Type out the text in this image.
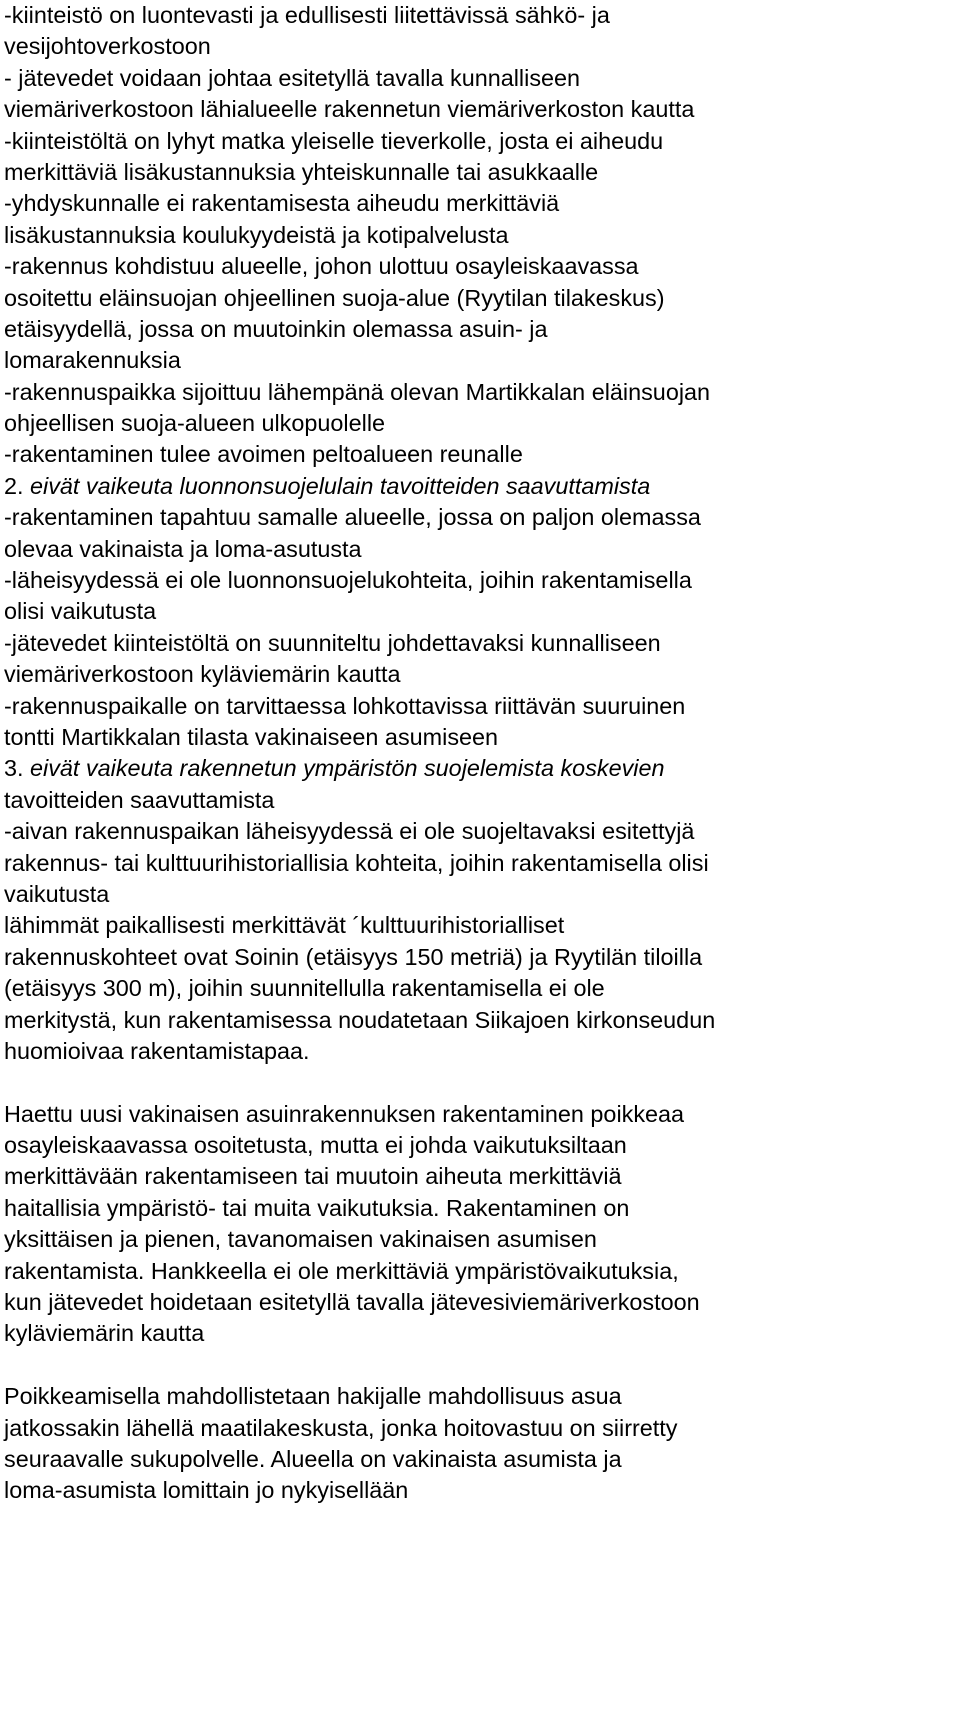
-kiinteistö on luontevasti ja edullisesti liitettävissä sähkö- ja
vesijohtoverkostoon
- jätevedet voidaan johtaa esitetyllä tavalla kunnalliseen
viemäriverkostoon lähialueelle rakennetun viemäriverkoston kautta
-kiinteistöltä on lyhyt matka yleiselle tieverkolle, josta ei aiheudu
merkittäviä lisäkustannuksia yhteiskunnalle tai asukkaalle
-yhdyskunnalle ei rakentamisesta aiheudu merkittäviä
lisäkustannuksia koulukyydeistä ja kotipalvelusta
-rakennus kohdistuu alueelle, johon ulottuu osayleiskaavassa
osoitettu eläinsuojan ohjeellinen suoja-alue (Ryytilan tilakeskus)
etäisyydellä, jossa on muutoinkin olemassa asuin- ja
lomarakennuksia
-rakennuspaikka sijoittuu lähempänä olevan Martikkalan eläinsuojan
ohjeellisen suoja-alueen ulkopuolelle
-rakentaminen tulee avoimen peltoalueen reunalle
2. eivät vaikeuta luonnonsuojelulain tavoitteiden saavuttamista
-rakentaminen tapahtuu samalle alueelle, jossa on paljon olemassa
olevaa vakinaista ja loma-asutusta
-läheisyydessä ei ole luonnonsuojelukohteita, joihin rakentamisella
olisi vaikutusta
-jätevedet kiinteistöltä on suunniteltu johdettavaksi kunnalliseen
viemäriverkostoon kyläviemärin kautta
-rakennuspaikalle on tarvittaessa lohkottavissa riittävän suuruinen
tontti Martikkalan tilasta vakinaiseen asumiseen
3. eivät vaikeuta rakennetun ympäristön suojelemista koskevien
tavoitteiden saavuttamista
-aivan rakennuspaikan läheisyydessä ei ole suojeltavaksi esitettyjä
rakennus- tai kulttuurihistoriallisia kohteita, joihin rakentamisella olisi
vaikutusta
lähimmät paikallisesti merkittävät ´kulttuurihistorialliset
rakennuskohteet ovat Soinin (etäisyys 150 metriä) ja Ryytilän tiloilla
(etäisyys 300 m), joihin suunnitellulla rakentamisella ei ole
merkitystä, kun rakentamisessa noudatetaan Siikajoen kirkonseudun
huomioivaa rakentamistapaa.
Haettu uusi vakinaisen asuinrakennuksen rakentaminen poikkeaa
osayleiskaavassa osoitetusta, mutta ei johda vaikutuksiltaan
merkittävään rakentamiseen tai muutoin aiheuta merkittäviä
haitallisia ympäristö- tai muita vaikutuksia. Rakentaminen on
yksittäisen ja pienen, tavanomaisen vakinaisen asumisen
rakentamista. Hankkeella ei ole merkittäviä ympäristövaikutuksia,
kun jätevedet hoidetaan esitetyllä tavalla jätevesiviemäriverkostoon
kyläviemärin kautta
Poikkeamisella mahdollistetaan hakijalle mahdollisuus asua
jatkossakin lähellä maatilakeskusta, jonka hoitovastuu on siirretty
seuraavalle sukupolvelle. Alueella on vakinaista asumista ja
loma-asumista lomittain jo nykyisellään
